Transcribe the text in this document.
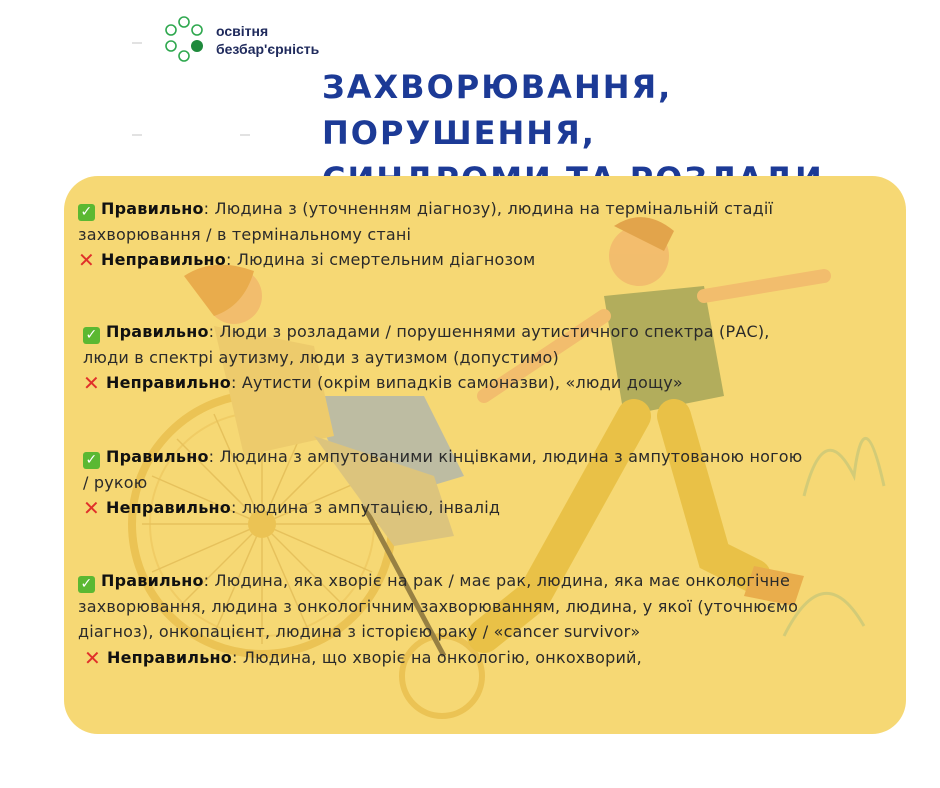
освітня
безбар'єрність
ЗАХВОРЮВАННЯ, ПОРУШЕННЯ,
✓ Правильно: Людина з (уточненням діагнозу), людина на термінальній стадії
захворювання / в термінальному стані
✕ Неправильно: Людина зі смертельним діагнозом
✓ Правильно: Люди з розладами / порушеннями аутистичного спектра (РАС),
люди в спектрі аутизму, люди з аутизмом (допустимо)
✕ Неправильно: Аутисти (окрім випадків самоназви), «люди дощу»
✓ Правильно: Людина з ампутованими кінцівками, людина з ампутованою ногою
/ рукою
✕ Неправильно: людина з ампутацією, інвалід
✓ Правильно: Людина, яка хворіє на рак / має рак, людина, яка має онкологічне
захворювання, людина з онкологічним захворюванням, людина, у якої (уточнюємо
діагноз), онкопацієнт, людина з історією раку / «cancer survivor»
✕ Неправильно: Людина, що хворіє на онкологію, онкохворий,
